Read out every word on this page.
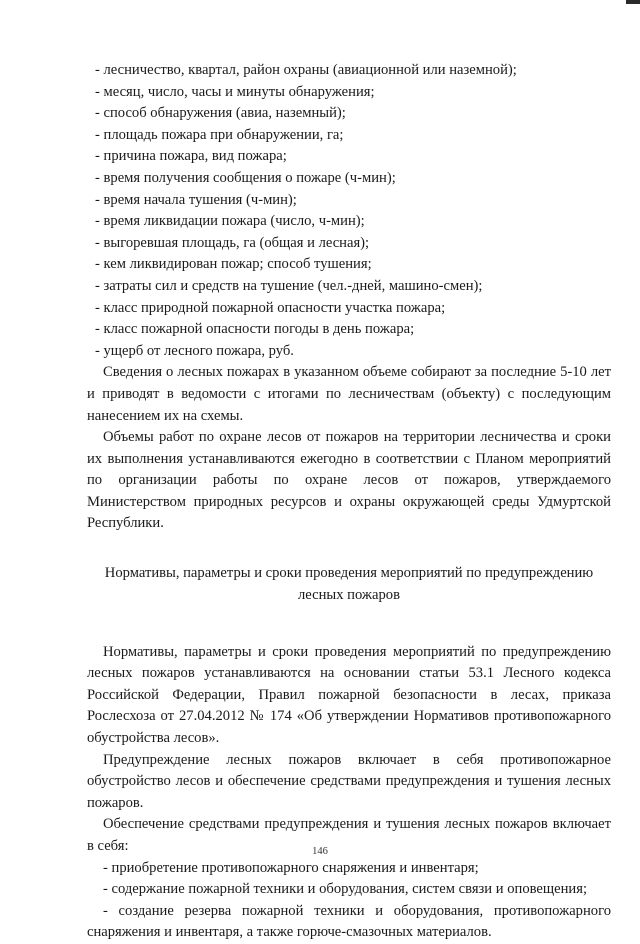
- лесничество, квартал, район охраны (авиационной или наземной);
- месяц, число, часы и минуты обнаружения;
- способ обнаружения (авиа, наземный);
- площадь пожара при обнаружении, га;
- причина пожара, вид пожара;
- время получения сообщения о пожаре (ч-мин);
- время начала тушения (ч-мин);
- время ликвидации пожара (число, ч-мин);
- выгоревшая площадь, га (общая и лесная);
- кем ликвидирован пожар; способ тушения;
- затраты сил и средств на тушение (чел.-дней, машино-смен);
- класс природной пожарной опасности участка пожара;
- класс пожарной опасности погоды в день пожара;
- ущерб от лесного пожара, руб.

Сведения о лесных пожарах в указанном объеме собирают за последние 5-10 лет и приводят в ведомости с итогами по лесничествам (объекту) с последующим нанесением их на схемы.

Объемы работ по охране лесов от пожаров на территории лесничества и сроки их выполнения устанавливаются ежегодно в соответствии с Планом мероприятий по организации работы по охране лесов от пожаров, утверждаемого Министерством природных ресурсов и охраны окружающей среды Удмуртской Республики.

Нормативы, параметры и сроки проведения мероприятий по предупреждению лесных пожаров

Нормативы, параметры и сроки проведения мероприятий по предупреждению лесных пожаров устанавливаются на основании статьи 53.1 Лесного кодекса Российской Федерации, Правил пожарной безопасности в лесах, приказа Рослесхоза от 27.04.2012 № 174 «Об утверждении Нормативов противопожарного обустройства лесов».

Предупреждение лесных пожаров включает в себя противопожарное обустройство лесов и обеспечение средствами предупреждения и тушения лесных пожаров.

Обеспечение средствами предупреждения и тушения лесных пожаров включает в себя:

- приобретение противопожарного снаряжения и инвентаря;

- содержание пожарной техники и оборудования, систем связи и оповещения;

- создание резерва пожарной техники и оборудования, противопожарного снаряжения и инвентаря, а также горюче-смазочных материалов.

146
